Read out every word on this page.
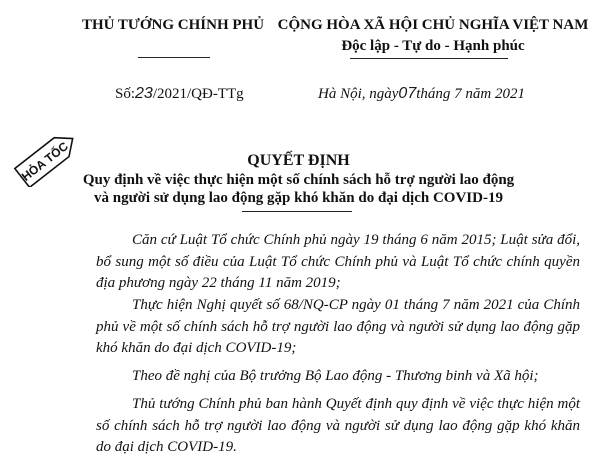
THỦ TƯỚNG CHÍNH PHỦ CỘNG HÒA XÃ HỘI CHỦ NGHĨA VIỆT NAM
Độc lập - Tự do - Hạnh phúc
Số:23/2021/QĐ-TTg	Hà Nội, ngày07tháng 7 năm 2021
HỎA TỐC	QUYẾT ĐỊNH
Quy định về việc thực hiện một số chính sách hỗ trợ người lao động
và người sử dụng lao động gặp khó khăn do đại dịch COVID-19

Căn cứ Luật Tổ chức Chính phủ ngày 19 tháng 6 năm 2015; Luật sửa đổi, bổ sung một số điều của Luật Tổ chức Chính phủ và Luật Tổ chức chính quyền địa phương ngày 22 tháng 11 năm 2019;

Thực hiện Nghị quyết số 68/NQ-CP ngày 01 tháng 7 năm 2021 của Chính phủ về một số chính sách hỗ trợ người lao động và người sử dụng lao động gặp khó khăn do đại dịch COVID-19;

Theo đề nghị của Bộ trưởng Bộ Lao động - Thương binh và Xã hội;

Thủ tướng Chính phủ ban hành Quyết định quy định về việc thực hiện một số chính sách hỗ trợ người lao động và người sử dụng lao động gặp khó khăn do đại dịch COVID-19.
